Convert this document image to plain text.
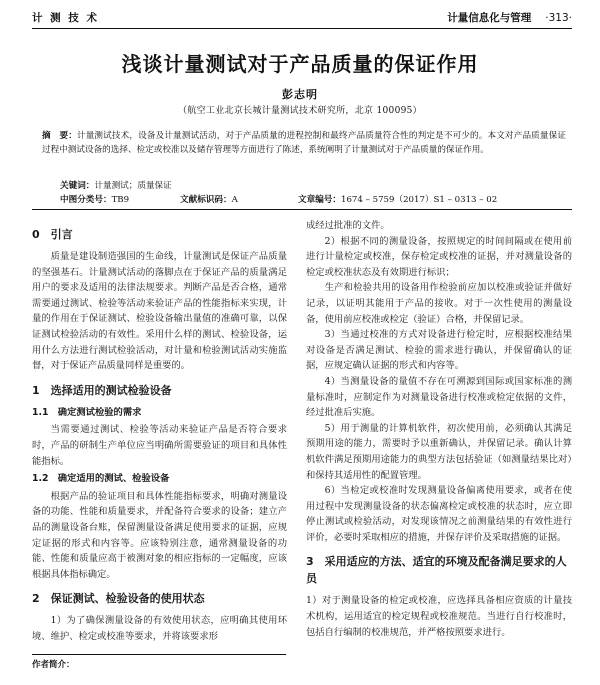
计 测 技 术	计量信息化与管理 ·313·
浅谈计量测试对于产品质量的保证作用
彭志明
（航空工业北京长城计量测试技术研究所，北京 100095）
摘　要：计量测试技术，设备及计量测试活动，对于产品质量的进程控制和最终产品质量符合性的判定是不可少的。本文对产品质量保证过程中测试设备的选择、检定或校准以及储存管理等方面进行了陈述，系统阐明了计量测试对于产品质量的保证作用。
关键词：计量测试；质量保证
中图分类号：TB9	文献标识码：A	文章编号：1674 – 5759（2017）S1 – 0313 – 02
0　引言

质量是建设制造强国的生命线，计量测试是保证产品质量的坚强基石。计量测试活动的落脚点在于保证产品的质量满足用户的要求及适用的法律法规要求。判断产品是否合格，通常需要通过测试、检验等活动来验证产品的性能指标来实现，计量的作用在于保证测试、检验设备输出量值的准确可靠，以保证测试检验活动的有效性。采用什么样的测试、检验设备，运用什么方法进行测试检验活动，对计量和检验测试活动实施监督，对于保证产品质量同样是重要的。

1　选择适用的测试检验设备
1.1　确定测试检验的需求

当需要通过测试、检验等活动来验证产品是否符合要求时，产品的研制生产单位应当明确所需要验证的项目和具体性能指标。

1.2　确定适用的测试、检验设备

根据产品的验证项目和具体性能指标要求，明确对测量设备的功能、性能和质量要求，并配备符合要求的设备；建立产品的测量设备台账，保留测量设备满足使用要求的证据，应规定证据的形式和内容等。应该特别注意，通常测量设备的功能、性能和质量应高于被测对象的相应指标的一定幅度，应该根据具体指标确定。

2　保证测试、检验设备的使用状态

1）为了确保测量设备的有效使用状态，应明确其使用环境、维护、检定或校准等要求，并将该要求形

作者简介：

成经过批准的文件。

2）根据不同的测量设备，按照规定的时间间隔或在使用前进行计量检定或校准，保存检定或校准的证据，并对测量设备的检定或校准状态及有效期进行标识；

生产和检验共用的设备用作检验前应加以校准或验证并做好记录，以证明其能用于产品的接收。对于一次性使用的测量设备，使用前应校准或检定（验证）合格，并保留记录。

3）当通过校准的方式对设备进行检定时，应根据校准结果对设备是否满足测试、检验的需求进行确认，并保留确认的证据，应规定确认证据的形式和内容等。

4）当测量设备的量值不存在可溯源到国际或国家标准的测量标准时，应制定作为对测量设备进行校准或检定依据的文件，经过批准后实施。

5）用于测量的计算机软件，初次使用前，必须确认其满足预期用途的能力，需要时予以重新确认，并保留记录。确认计算机软件满足预期用途能力的典型方法包括验证（如测量结果比对）和保持其适用性的配置管理。

6）当检定或校准时发现测量设备偏离使用要求，或者在使用过程中发现测量设备的状态偏离检定或校准的状态时，应立即停止测试或检验活动，对发现该情况之前测量结果的有效性进行评价，必要时采取相应的措施，并保存评价及采取措施的证据。

3　采用适应的方法、适宜的环境及配备满足要求的人员

1）对于测量设备的检定或校准，应选择具备相应资质的计量技术机构，运用适宜的检定规程或校准规范。当进行自行校准时，包括自行编制的校准规范，并严格按照要求进行。
